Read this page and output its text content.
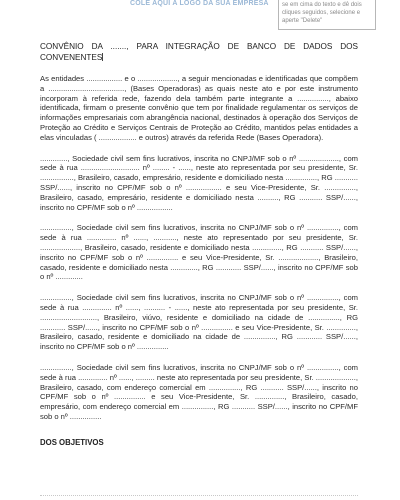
COLE AQUI A LOGO DA SUA EMPRESA	se em cima do texto e dê dois cliques seguidos, selecione e aperte "Delete"

CONVÊNIO DA ......., PARA INTEGRAÇÃO DE BANCO DE DADOS DOS CONVENENTES

As entidades ................. e o ..................., a seguir mencionadas e identificadas que compõem a ...................................., (Bases Operadoras) as quais neste ato e por este instrumento incorporam à referida rede, fazendo dela também parte integrante a ..............., abaixo identificada, firmam o presente convênio que tem por finalidade regulamentar os serviços de informações empresariais com abrangência nacional, destinados à operação dos Serviços de Proteção ao Crédito e Serviços Centrais de Proteção ao Crédito, mantidos pelas entidades a elas vinculadas ( .................. e outros) através da referida Rede (Bases Operadora).

............., Sociedade civil sem fins lucrativos, inscrita no CNPJ/MF sob o nº ..................., com sede à rua ............................ nº ........ - ......, neste ato representada por seu presidente, Sr. ................, Brasileiro, casado, empresário, residente e domiciliado nesta ..............., RG ........... SSP/......, inscrito no CPF/MF sob o nº ................. e seu Vice-Presidente, Sr. ..............., Brasileiro, casado, empresário, residente e domiciliado nesta .........., RG ........... SSP/......, inscrito no CPF/MF sob o nº .................

..............., Sociedade civil sem fins lucrativos, inscrita no CNPJ/MF sob o nº ..............., com sede à rua .............. nº ......, ..........., neste ato representado por seu presidente, Sr. ..................., Brasileiro, casado, residente e domiciliado nesta .............., RG ........... SSP/......, inscrito no CPF/MF sob o nº ............... e seu Vice-Presidente, Sr. ..................., Brasileiro, casado, residente e domiciliado nesta ............., RG ............ SSP/......, inscrito no CPF/MF sob o nº .............

..............., Sociedade civil sem fins lucrativos, inscrita no CNPJ/MF sob o nº ..............., com sede à rua .............. nº ......, .......... - ......, neste ato representada por seu presidente, Sr. ..........................., Brasileiro, viúvo, residente e domiciliado na cidade de ..............., RG ............ SSP/......, inscrito no CPF/MF sob o nº ............... e seu Vice-Presidente, Sr. .............., Brasileiro, casado, residente e domiciliado na cidade de ..............., RG ............ SSP/......, inscrito no CPF/MF sob o nº ...............

..............., Sociedade civil sem fins lucrativos, inscrita no CNPJ/MF sob o nº ..............., com sede à rua .............. nº ......, ......... neste ato representada por seu presidente, Sr. ..................., Brasileiro, casado, com endereço comercial em ..............., RG ........... SSP/......, inscrito no CPF/MF sob o nº ............... e seu Vice-Presidente, Sr. .............., Brasileiro, casado, empresário, com endereço comercial em ..............., RG ........... SSP/......, inscrito no CPF/MF sob o nº ...............

DOS OBJETIVOS
